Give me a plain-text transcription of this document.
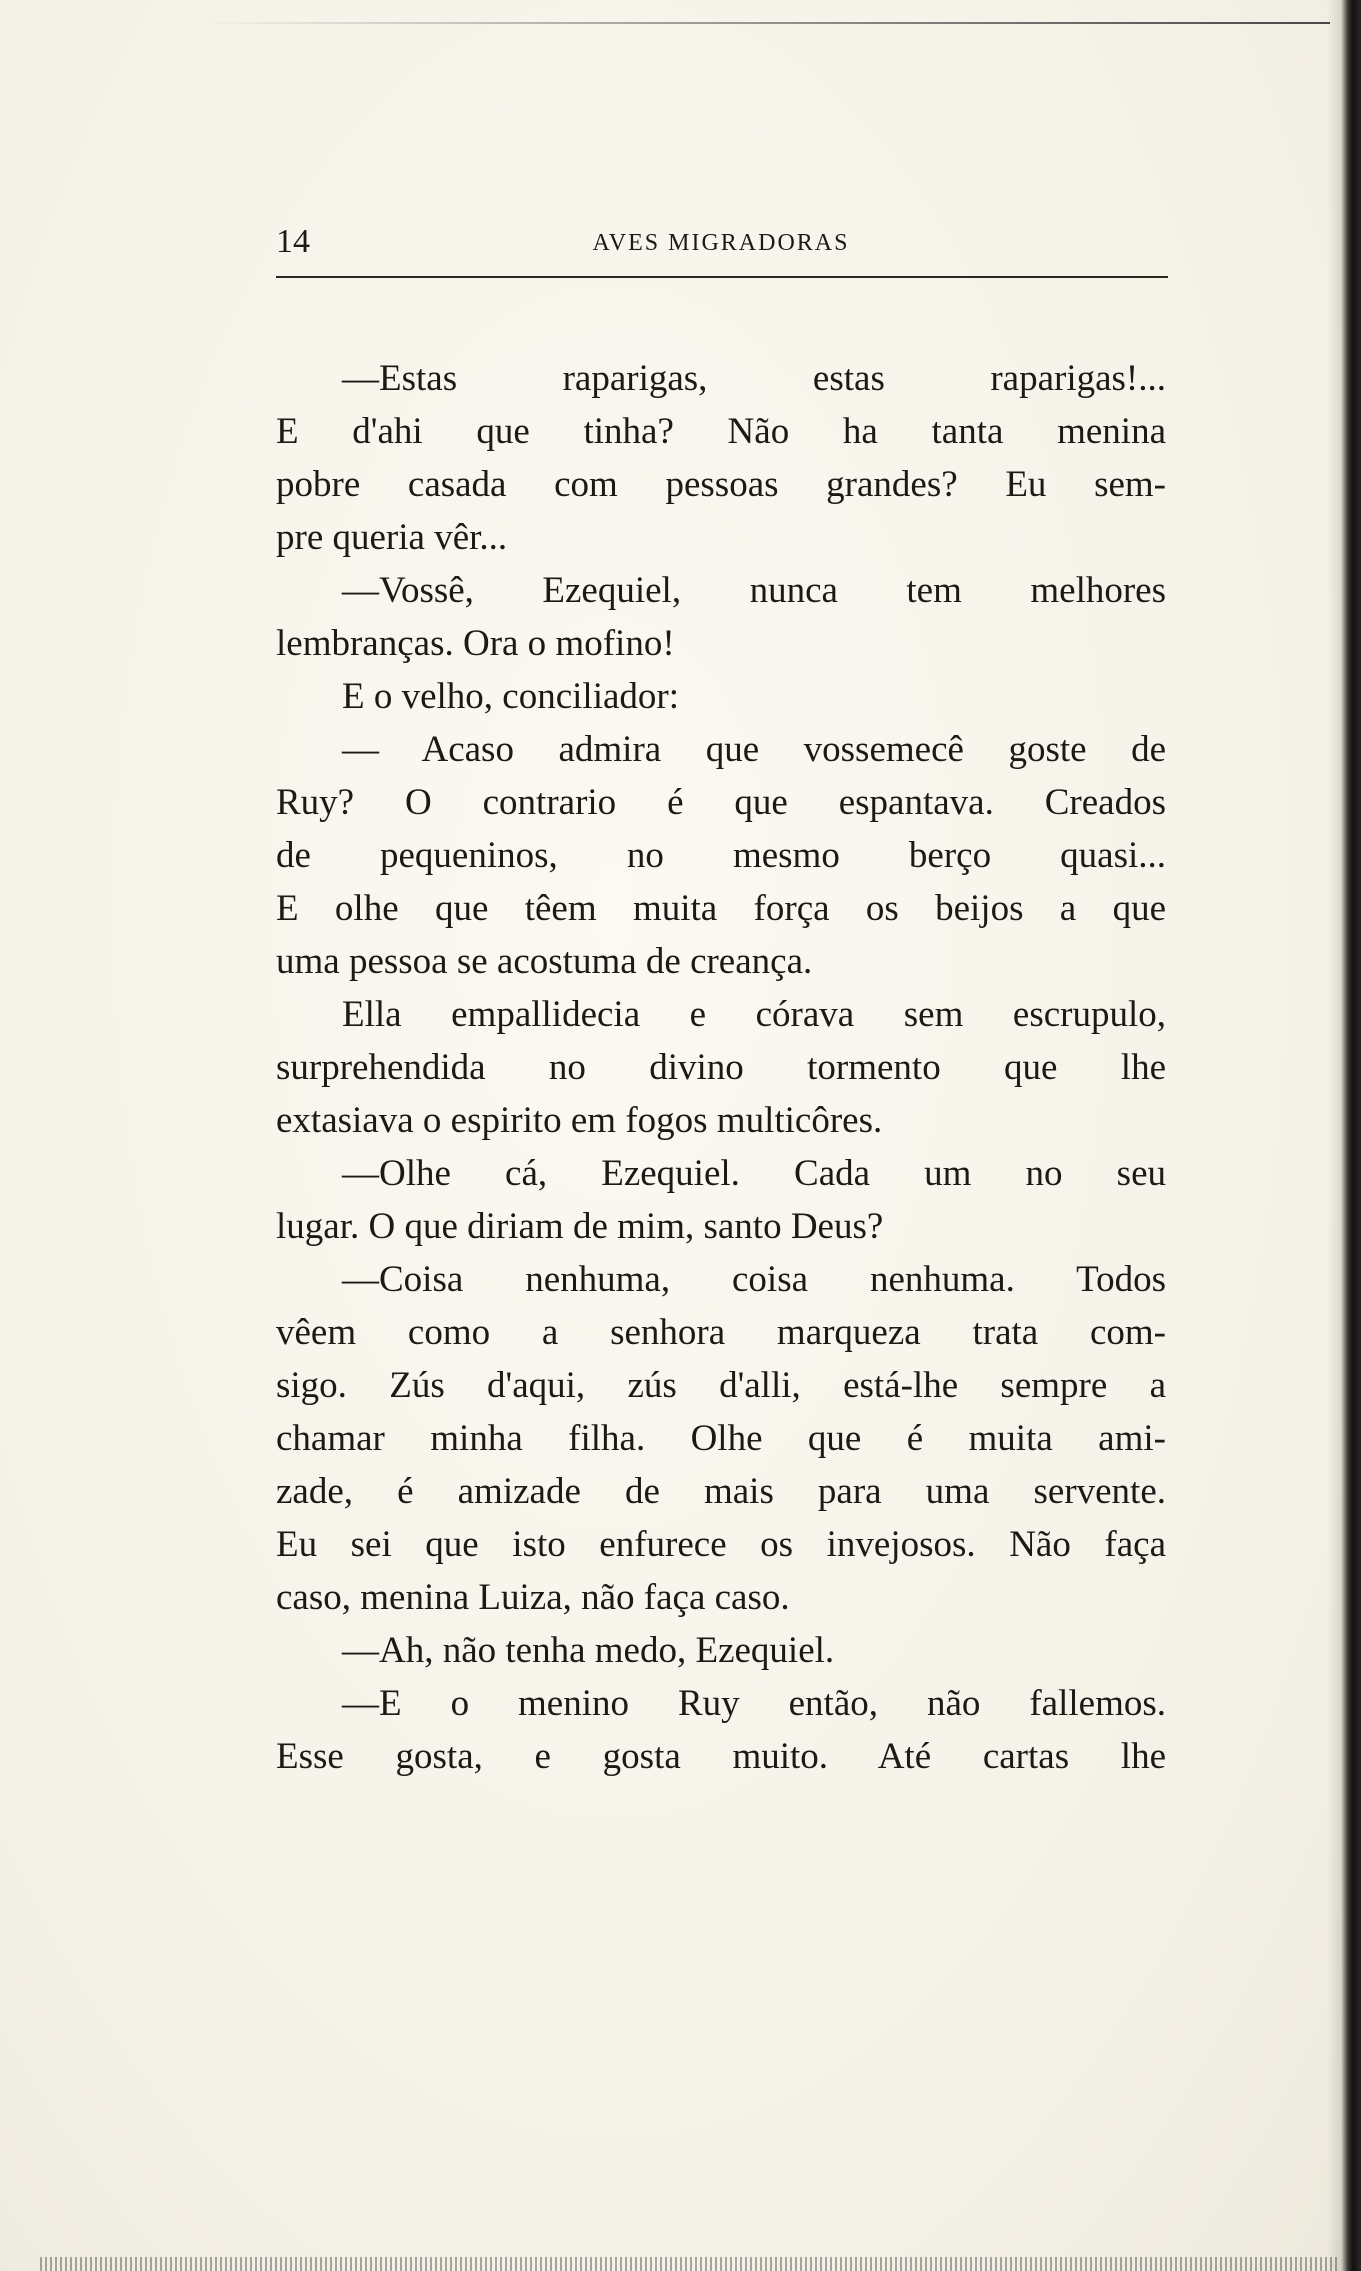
14	AVES MIGRADORAS
—Estas raparigas, estas raparigas!...
E d'ahi que tinha? Não ha tanta menina
pobre casada com pessoas grandes? Eu sem-
pre queria vêr...
—Vossê, Ezequiel, nunca tem melhores
lembranças. Ora o mofino!
E o velho, conciliador:
— Acaso admira que vossemecê goste de
Ruy? O contrario é que espantava. Creados
de pequeninos, no mesmo berço quasi...
E olhe que têem muita força os beijos a que
uma pessoa se acostuma de creança.
Ella empallidecia e córava sem escrupulo,
surprehendida no divino tormento que lhe
extasiava o espirito em fogos multicôres.
—Olhe cá, Ezequiel. Cada um no seu
lugar. O que diriam de mim, santo Deus?
—Coisa nenhuma, coisa nenhuma. Todos
vêem como a senhora marqueza trata com-
sigo. Zús d'aqui, zús d'alli, está-lhe sempre a
chamar minha filha. Olhe que é muita ami-
zade, é amizade de mais para uma servente.
Eu sei que isto enfurece os invejosos. Não faça
caso, menina Luiza, não faça caso.
—Ah, não tenha medo, Ezequiel.
—E o menino Ruy então, não fallemos.
Esse gosta, e gosta muito. Até cartas lhe
